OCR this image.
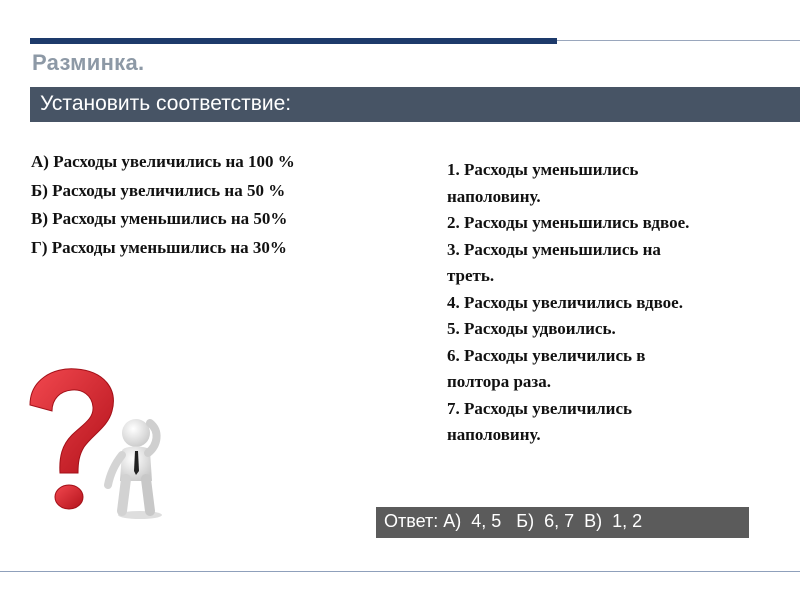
Разминка.
Установить соответствие:
А) Расходы увеличились на 100 %
Б) Расходы увеличились на 50 %
В) Расходы уменьшились на 50%
Г) Расходы уменьшились на 30%
1. Расходы уменьшились
наполовину.
2. Расходы уменьшились вдвое.
3. Расходы уменьшились на
треть.
4. Расходы увеличились вдвое.
5. Расходы удвоились.
6. Расходы увеличились в
полтора раза.
7. Расходы увеличились
наполовину.
Ответ: А)  4, 5   Б)  6, 7  В)  1, 2
